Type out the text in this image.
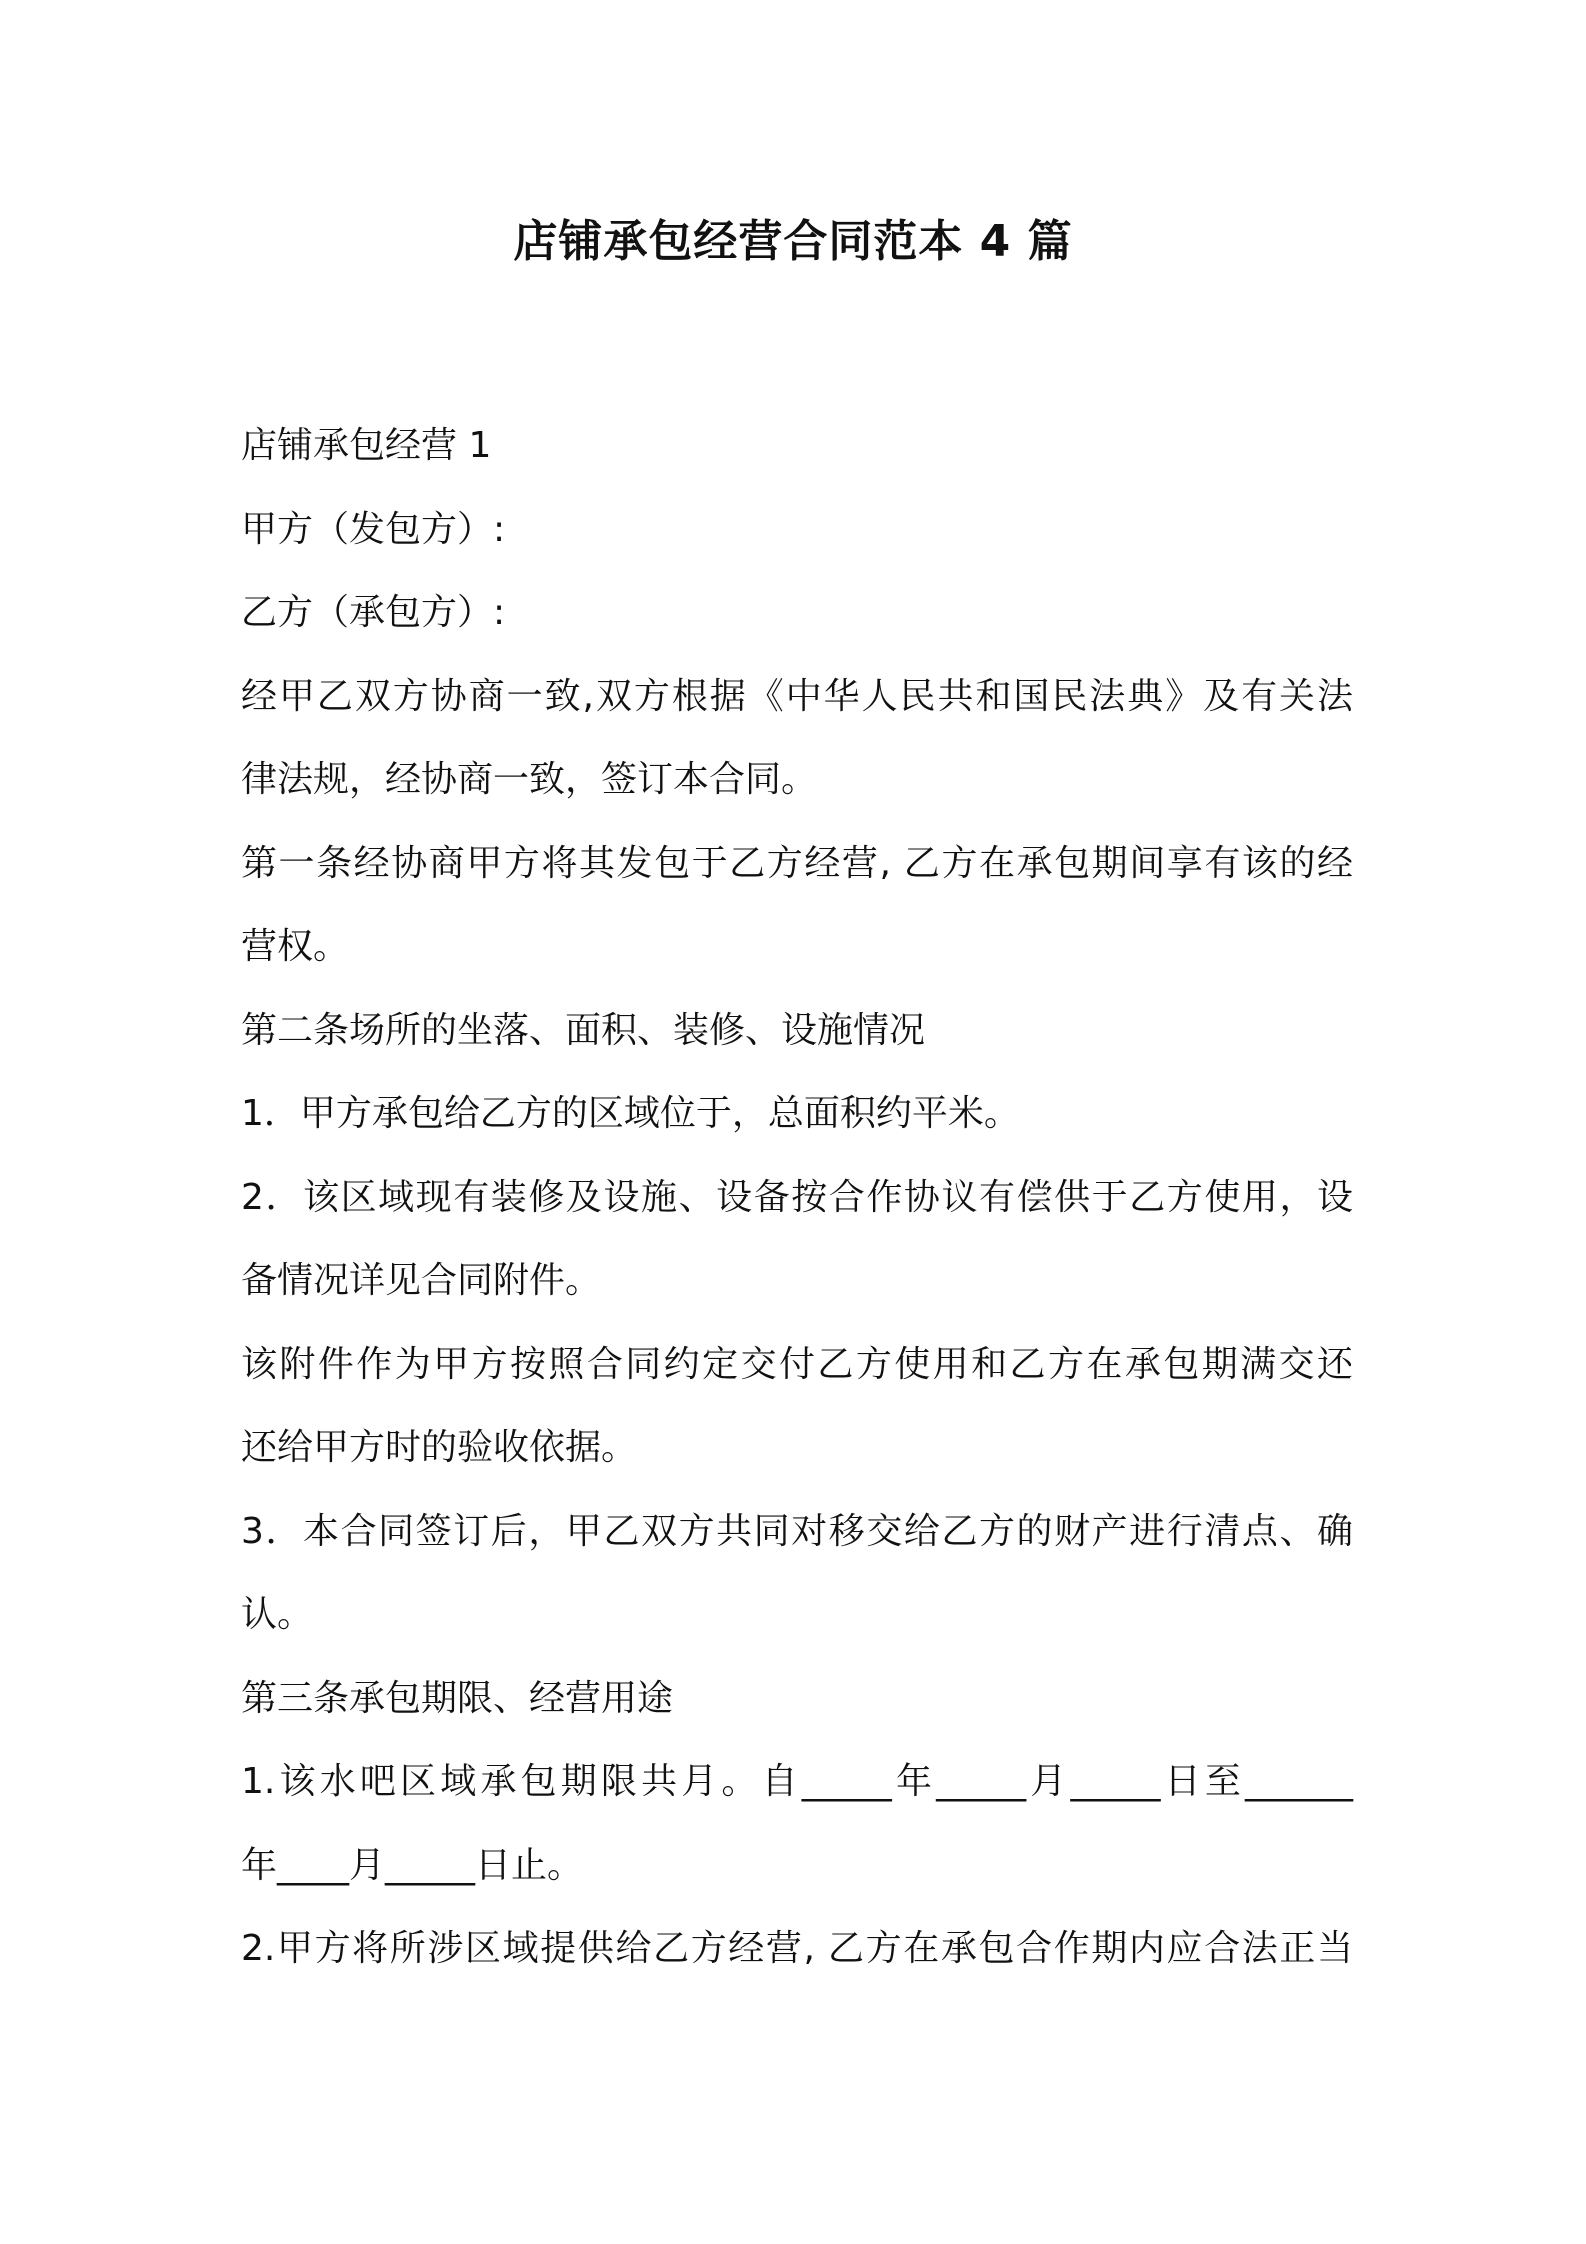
店铺承包经营合同范本 4 篇
店铺承包经营 1
甲方（发包方）:
乙方（承包方）:
经甲乙双方协商一致,双方根据《中华人民共和国民法典》及有关法
律法规，经协商一致，签订本合同。
第一条经协商甲方将其发包于乙方经营, 乙方在承包期间享有该的经
营权。
第二条场所的坐落、面积、装修、设施情况
1．甲方承包给乙方的区域位于，总面积约平米。
2．该区域现有装修及设施、设备按合作协议有偿供于乙方使用，设
备情况详见合同附件。
该附件作为甲方按照合同约定交付乙方使用和乙方在承包期满交还
还给甲方时的验收依据。
3．本合同签订后，甲乙双方共同对移交给乙方的财产进行清点、确
认。
第三条承包期限、经营用途
1.该水吧区域承包期限共月。自_____年_____月_____日至______
年____月_____日止。
2.甲方将所涉区域提供给乙方经营, 乙方在承包合作期内应合法正当
